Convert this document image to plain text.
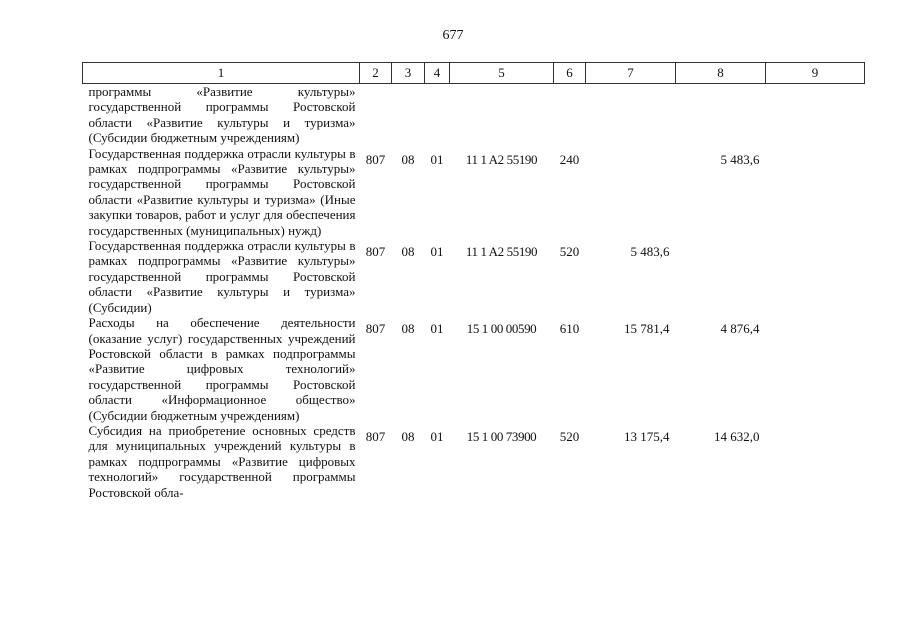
677
1	2	3	4	5	6	7	8	9
программы «Развитие культуры» государственной программы Ростовской области «Развитие культуры и туризма» (Субсидии бюджетным учреждениям)								
Государственная поддержка отрасли культуры в рамках подпрограммы «Развитие культуры» государственной программы Ростовской области «Развитие культуры и туризма» (Иные закупки товаров, работ и услуг для обеспечения государственных (муниципальных) нужд)	807	08	01	11 1 A2 55190	240		5 483,6	
Государственная поддержка отрасли культуры в рамках подпрограммы «Развитие культуры» государственной программы Ростовской области «Развитие культуры и туризма» (Субсидии)	807	08	01	11 1 A2 55190	520	5 483,6		
Расходы на обеспечение деятельности (оказание услуг) государственных учреждений Ростовской области в рамках подпрограммы «Развитие цифровых технологий» государственной программы Ростовской области «Информационное общество» (Субсидии бюджетным учреждениям)	807	08	01	15 1 00 00590	610	15 781,4	4 876,4	
Субсидия на приобретение основных средств для муниципальных учреждений культуры в рамках подпрограммы «Развитие цифровых технологий» государственной программы Ростовской обла-	807	08	01	15 1 00 73900	520	13 175,4	14 632,0	
